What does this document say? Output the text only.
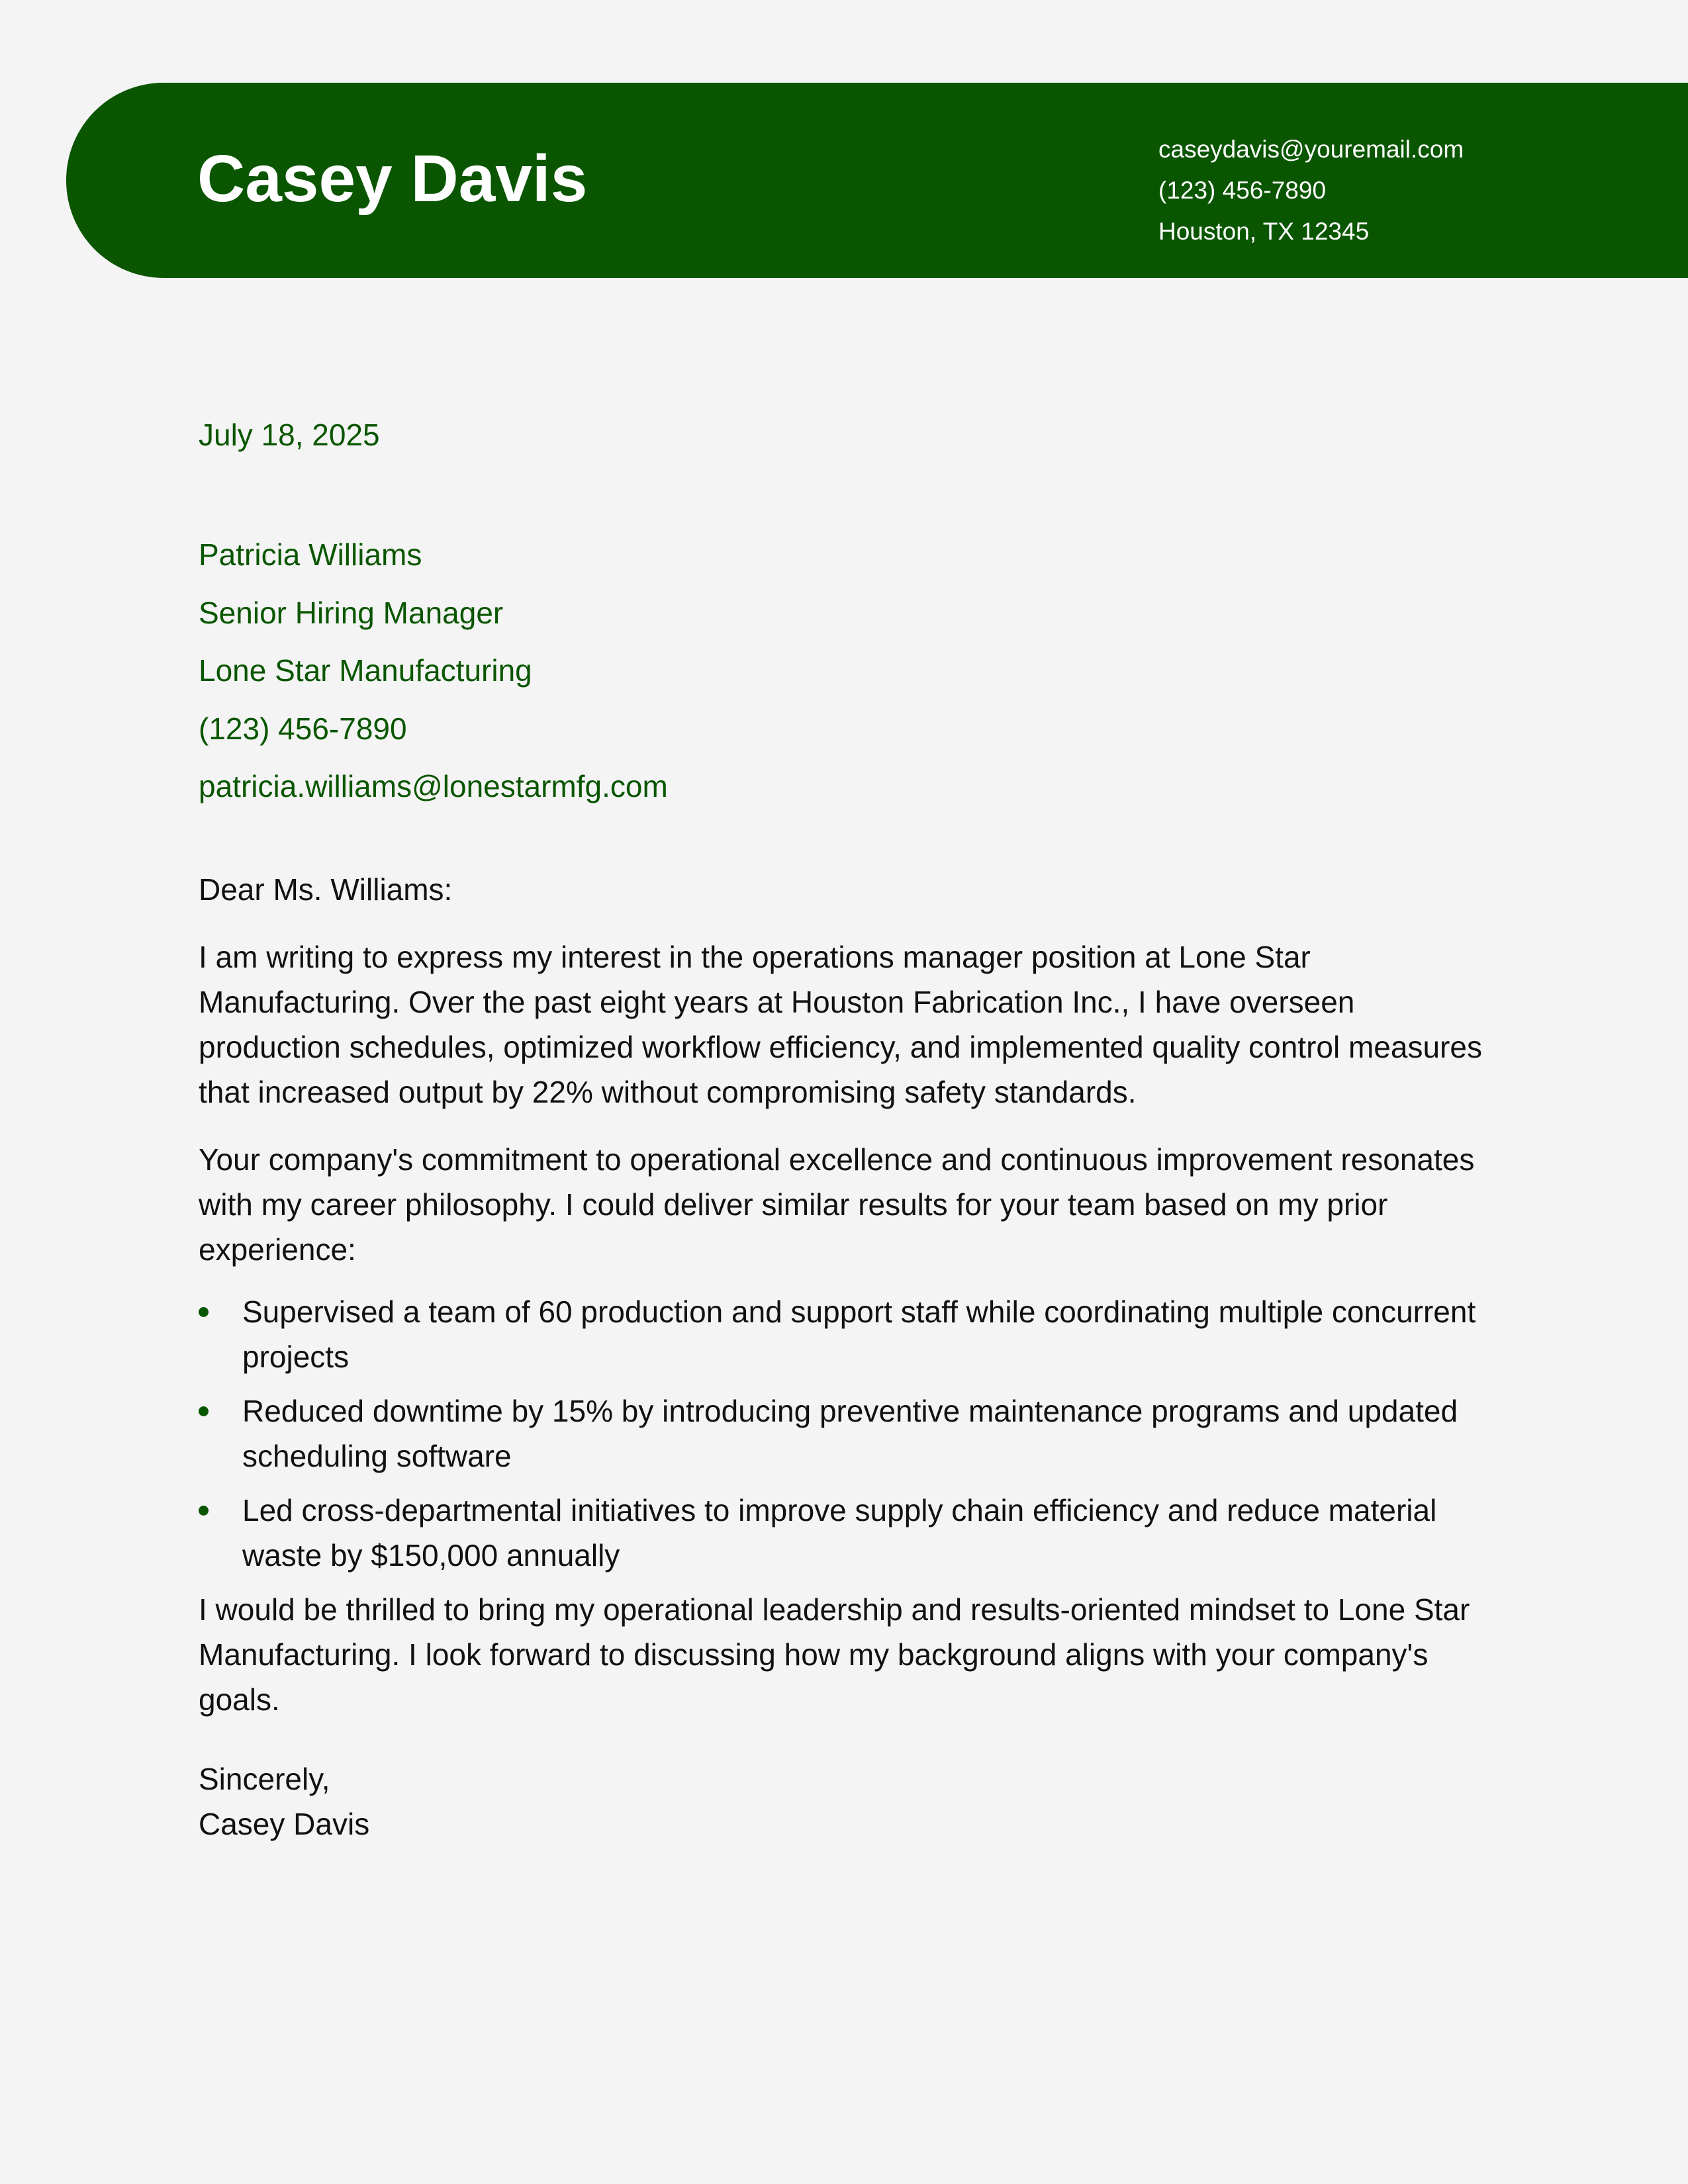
Casey Davis	caseydavis@youremail.com
(123) 456-7890
Houston, TX 12345
July 18, 2025
Patricia Williams
Senior Hiring Manager
Lone Star Manufacturing
(123) 456-7890
patricia.williams@lonestarmfg.com

Dear Ms. Williams:

I am writing to express my interest in the operations manager position at Lone Star Manufacturing. Over the past eight years at Houston Fabrication Inc., I have overseen production schedules, optimized workflow efficiency, and implemented quality control measures that increased output by 22% without compromising safety standards.

Your company's commitment to operational excellence and continuous improvement resonates with my career philosophy. I could deliver similar results for your team based on my prior experience:

Supervised a team of 60 production and support staff while coordinating multiple concurrent projects
Reduced downtime by 15% by introducing preventive maintenance programs and updated scheduling software
Led cross-departmental initiatives to improve supply chain efficiency and reduce material waste by $150,000 annually

I would be thrilled to bring my operational leadership and results-oriented mindset to Lone Star Manufacturing. I look forward to discussing how my background aligns with your company's goals.

Sincerely,
Casey Davis
